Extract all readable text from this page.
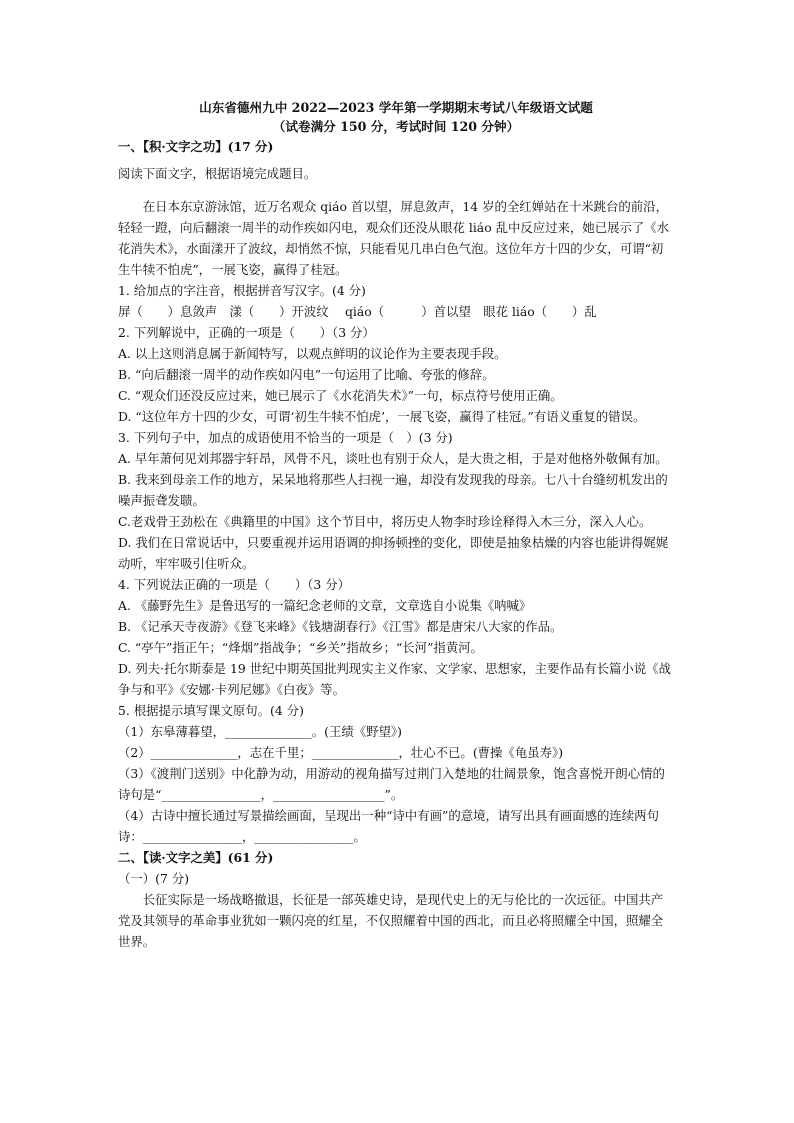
山东省德州九中 2022—2023 学年第一学期期末考试八年级语文试题
（试卷满分 150 分，考试时间 120 分钟）

一、【积·文字之功】(17 分)

阅读下面文字，根据语境完成题目。

在日本东京游泳馆，近万名观众 qiáo 首以望，屏息敛声，14 岁的全红婵站在十米跳台的前沿，轻轻一蹬，向后翻滚一周半的动作疾如闪电，观众们还没从眼花 liáo 乱中反应过来，她已展示了《水花消失术》，水面漾开了波纹，却悄然不惊，只能看见几串白色气泡。这位年方十四的少女，可谓“初生牛犊不怕虎”，一展飞姿，赢得了桂冠。

1. 给加点的字注音，根据拼音写汉字。(4 分)

屏（　　）息敛声　漾（　　）开波纹　 qiáo（　　　）首以望　眼花 liáo（　　）乱

2. 下列解说中，正确的一项是（　　）（3 分）

A. 以上这则消息属于新闻特写，以观点鲜明的议论作为主要表现手段。

B. “向后翻滚一周半的动作疾如闪电”一句运用了比喻、夸张的修辞。

C. “观众们还没反应过来，她已展示了《水花消失术》”一句，标点符号使用正确。

D. “这位年方十四的少女，可谓‘初生牛犊不怕虎’，一展飞姿，赢得了桂冠。”有语义重复的错误。

3. 下列句子中，加点的成语使用不恰当的一项是（　）(3 分)

A. 早年萧何见刘邦器宇轩昂，风骨不凡，谈吐也有别于众人，是大贵之相，于是对他格外敬佩有加。

B. 我来到母亲工作的地方，呆呆地将那些人扫视一遍，却没有发现我的母亲。七八十台缝纫机发出的噪声振聋发聩。

C.老戏骨王劲松在《典籍里的中国》这个节目中，将历史人物李时珍诠释得入木三分，深入人心。

D. 我们在日常说话中，只要重视并运用语调的抑扬顿挫的变化，即使是抽象枯燥的内容也能讲得娓娓动听，牢牢吸引住听众。

4. 下列说法正确的一项是（　　）（3 分）

A. 《藤野先生》是鲁迅写的一篇纪念老师的文章，文章选自小说集《呐喊》

B. 《记承天寺夜游》《登飞来峰》《钱塘湖春行》《江雪》都是唐宋八大家的作品。

C. “亭午”指正午；“烽烟”指战争；“乡关”指故乡；“长河”指黄河。

D. 列夫·托尔斯泰是 19 世纪中期英国批判现实主义作家、文学家、思想家，主要作品有长篇小说《战争与和平》《安娜·卡列尼娜》《白夜》等。

5. 根据提示填写课文原句。(4 分)

（1）东皋薄暮望，______________。(王绩《野望》)

（2）______________，志在千里；______________，壮心不已。(曹操《龟虽寿》)

（3）《渡荆门送别》中化静为动，用游动的视角描写过荆门入楚地的壮阔景象，饱含喜悦开朗心情的诗句是“________________，__________________”。

（4）古诗中擅长通过写景描绘画面，呈现出一种“诗中有画”的意境，请写出具有画面感的连续两句诗：________________，________________。

二、【读·文字之美】(61 分)

（一）(7 分)

长征实际是一场战略撤退，长征是一部英雄史诗，是现代史上的无与伦比的一次远征。中国共产党及其领导的革命事业犹如一颗闪亮的红星，不仅照耀着中国的西北，而且必将照耀全中国，照耀全世界。
